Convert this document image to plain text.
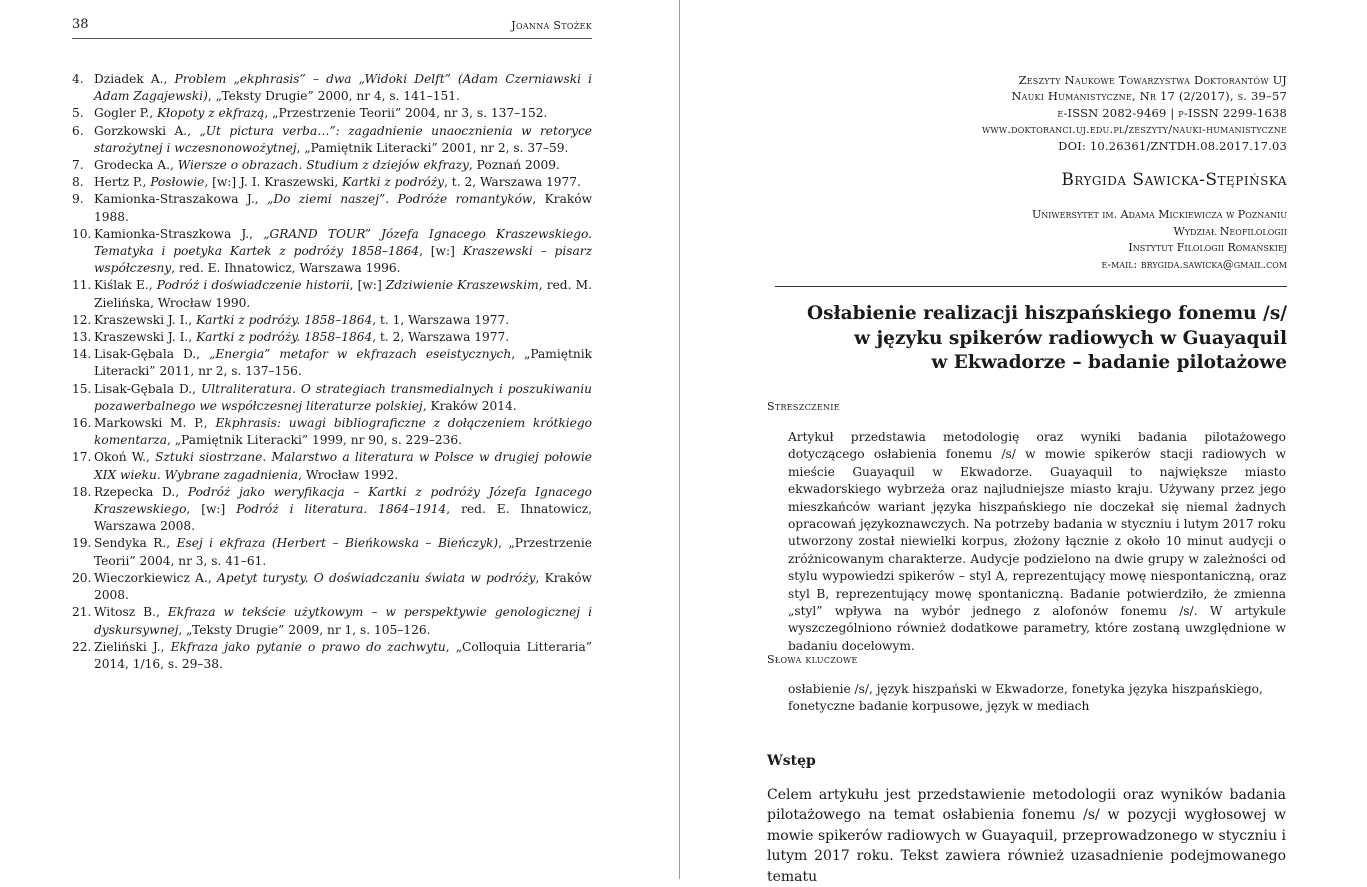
38	Joanna Stożek
4. Dziadek A., Problem „ekphrasis” – dwa „Widoki Delft” (Adam Czerniawski i Adam Zagajewski), „Teksty Drugie” 2000, nr 4, s. 141–151.
5. Gogler P., Kłopoty z ekfrazą, „Przestrzenie Teorii” 2004, nr 3, s. 137–152.
6. Gorzkowski A., „Ut pictura verba…”: zagadnienie unaocznienia w retoryce starożytnej i wczesnonowożytnej, „Pamiętnik Literacki” 2001, nr 2, s. 37–59.
7. Grodecka A., Wiersze o obrazach. Studium z dziejów ekfrazy, Poznań 2009.
8. Hertz P., Posłowie, [w:] J. I. Kraszewski, Kartki z podróży, t. 2, Warszawa 1977.
9. Kamionka-Straszakowa J., „Do ziemi naszej”. Podróże romantyków, Kraków 1988.
10. Kamionka-Straszkowa J., „GRAND TOUR” Józefa Ignacego Kraszewskiego. Tematyka i poetyka Kartek z podróży 1858–1864, [w:] Kraszewski – pisarz współczesny, red. E. Ihnatowicz, Warszawa 1996.
11. Kiślak E., Podróż i doświadczenie historii, [w:] Zdziwienie Kraszewskim, red. M. Zielińska, Wrocław 1990.
12. Kraszewski J. I., Kartki z podróży. 1858–1864, t. 1, Warszawa 1977.
13. Kraszewski J. I., Kartki z podróży. 1858–1864, t. 2, Warszawa 1977.
14. Lisak-Gębala D., „Energia” metafor w ekfrazach eseistycznych, „Pamiętnik Literacki” 2011, nr 2, s. 137–156.
15. Lisak-Gębala D., Ultraliteratura. O strategiach transmedialnych i poszukiwaniu pozawerbalnego we współczesnej literaturze polskiej, Kraków 2014.
16. Markowski M. P., Ekphrasis: uwagi bibliograficzne z dołączeniem krótkiego komentarza, „Pamiętnik Literacki” 1999, nr 90, s. 229–236.
17. Okoń W., Sztuki siostrzane. Malarstwo a literatura w Polsce w drugiej połowie XIX wieku. Wybrane zagadnienia, Wrocław 1992.
18. Rzepecka D., Podróż jako weryfikacja – Kartki z podróży Józefa Ignacego Kraszewskiego, [w:] Podróż i literatura. 1864–1914, red. E. Ihnatowicz, Warszawa 2008.
19. Sendyka R., Esej i ekfraza (Herbert – Bieńkowska – Bieńczyk), „Przestrzenie Teorii” 2004, nr 3, s. 41–61.
20. Wieczorkiewicz A., Apetyt turysty. O doświadczaniu świata w podróży, Kraków 2008.
21. Witosz B., Ekfraza w tekście użytkowym – w perspektywie genologicznej i dyskursywnej, „Teksty Drugie” 2009, nr 1, s. 105–126.
22. Zieliński J., Ekfraza jako pytanie o prawo do zachwytu, „Colloquia Litteraria” 2014, 1/16, s. 29–38.
Zeszyty Naukowe Towarzystwa Doktorantów UJ
Nauki Humanistyczne, Nr 17 (2/2017), s. 39–57
e-ISSN 2082-9469 | p-ISSN 2299-1638
www.doktoranci.uj.edu.pl/zeszyty/nauki-humanistyczne
DOI: 10.26361/ZNTDH.08.2017.17.03
Brygida Sawicka-Stępińska
Uniwersytet im. Adama Mickiewicza w Poznaniu
Wydział Neofilologii
Instytut Filologii Romańskiej
e-mail: brygida.sawicka@gmail.com
Osłabienie realizacji hiszpańskiego fonemu /s/
w języku spikerów radiowych w Guayaquil
w Ekwadorze – badanie pilotażowe
Streszczenie
Artykuł przedstawia metodologię oraz wyniki badania pilotażowego dotyczącego osłabienia fonemu /s/ w mowie spikerów stacji radiowych w mieście Guayaquil w Ekwadorze. Guayaquil to największe miasto ekwadorskiego wybrzeża oraz najludniejsze miasto kraju. Używany przez jego mieszkańców wariant języka hiszpańskiego nie doczekał się niemal żadnych opracowań językoznawczych. Na potrzeby badania w styczniu i lutym 2017 roku utworzony został niewielki korpus, złożony łącznie z około 10 minut audycji o zróżnicowanym charakterze. Audycje podzielono na dwie grupy w zależności od stylu wypowiedzi spikerów – styl A, reprezentujący mowę niespontaniczną, oraz styl B, reprezentujący mowę spontaniczną. Badanie potwierdziło, że zmienna „styl” wpływa na wybór jednego z alofonów fonemu /s/. W artykule wyszczególniono również dodatkowe parametry, które zostaną uwzględnione w badaniu docelowym.
Słowa kluczowe
osłabienie /s/, język hiszpański w Ekwadorze, fonetyka języka hiszpańskiego, fonetyczne badanie korpusowe, język w mediach
Wstęp
Celem artykułu jest przedstawienie metodologii oraz wyników badania pilotażowego na temat osłabienia fonemu /s/ w pozycji wygłosowej w mowie spikerów radiowych w Guayaquil, przeprowadzonego w styczniu i lutym 2017 roku. Tekst zawiera również uzasadnienie podejmowanego tematu
